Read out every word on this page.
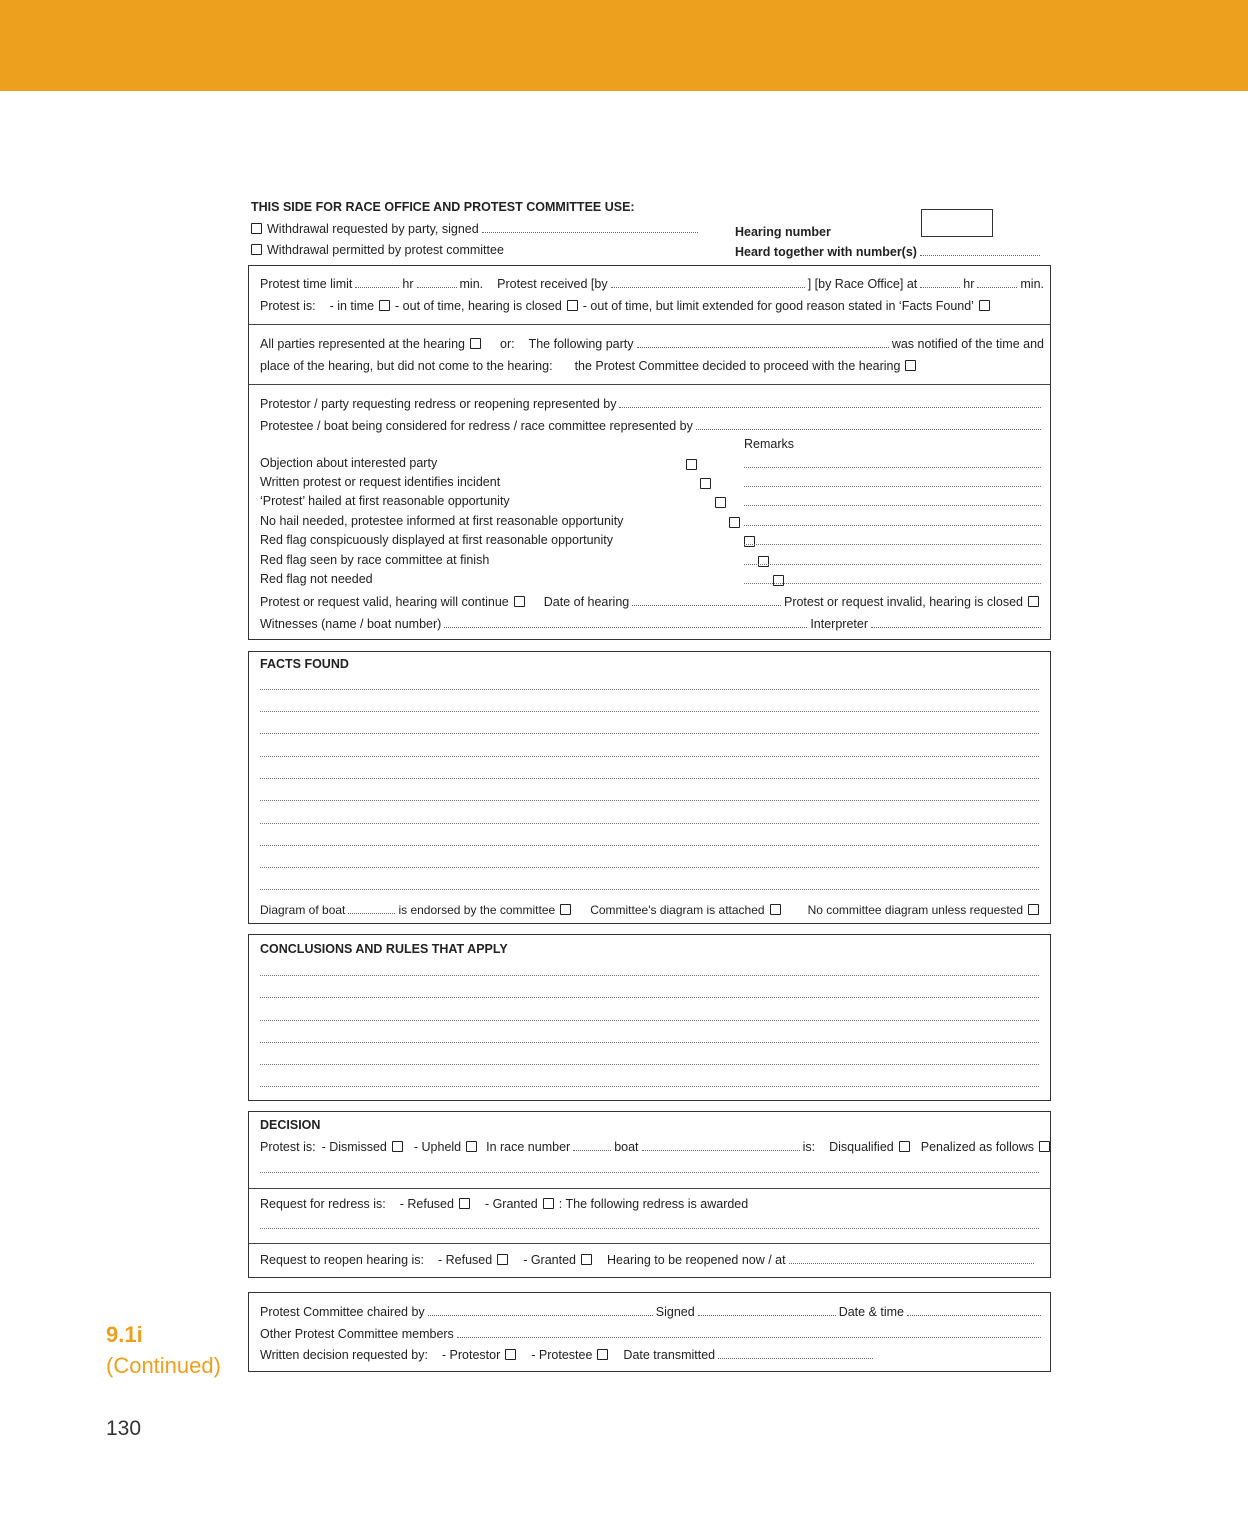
9.1i
(Continued)
130
THIS SIDE FOR RACE OFFICE AND PROTEST COMMITTEE USE:
Withdrawal requested by party, signed
Withdrawal permitted by protest committee
Hearing number
Heard together with number(s)
Protest time limit	hr	min. Protest received [by	] [by Race Office] at	hr	min.
Protest is: - in time - out of time, hearing is closed - out of time, but limit extended for good reason stated in ‘Facts Found’
All parties represented at the hearing	or: The following party	was notified of the time and
place of the hearing, but did not come to the hearing: the Protest Committee decided to proceed with the hearing
Protestor / party requesting redress or reopening represented by
Protestee / boat being considered for redress / race committee represented by
Remarks
Objection about interested party
Written protest or request identifies incident
‘Protest’ hailed at first reasonable opportunity
No hail needed, protestee informed at first reasonable opportunity
Red flag conspicuously displayed at first reasonable opportunity
Red flag seen by race committee at finish
Red flag not needed

Protest or request valid, hearing will continue	Date of hearing	Protest or request invalid, hearing is closed
Witnesses (name / boat number)	Interpreter
FACTS FOUND
Diagram of boat	is endorsed by the committee	Committee's diagram is attached	No committee diagram unless requested
CONCLUSIONS AND RULES THAT APPLY
DECISION
Protest is: - Dismissed - Upheld In race number	boat	is: Disqualified Penalized as follows
Request for redress is: - Refused - Granted : The following redress is awarded
Request to reopen hearing is: - Refused - Granted Hearing to be reopened now / at
Protest Committee chaired by	Signed	Date & time
Other Protest Committee members
Written decision requested by: - Protestor - Protestee Date transmitted
